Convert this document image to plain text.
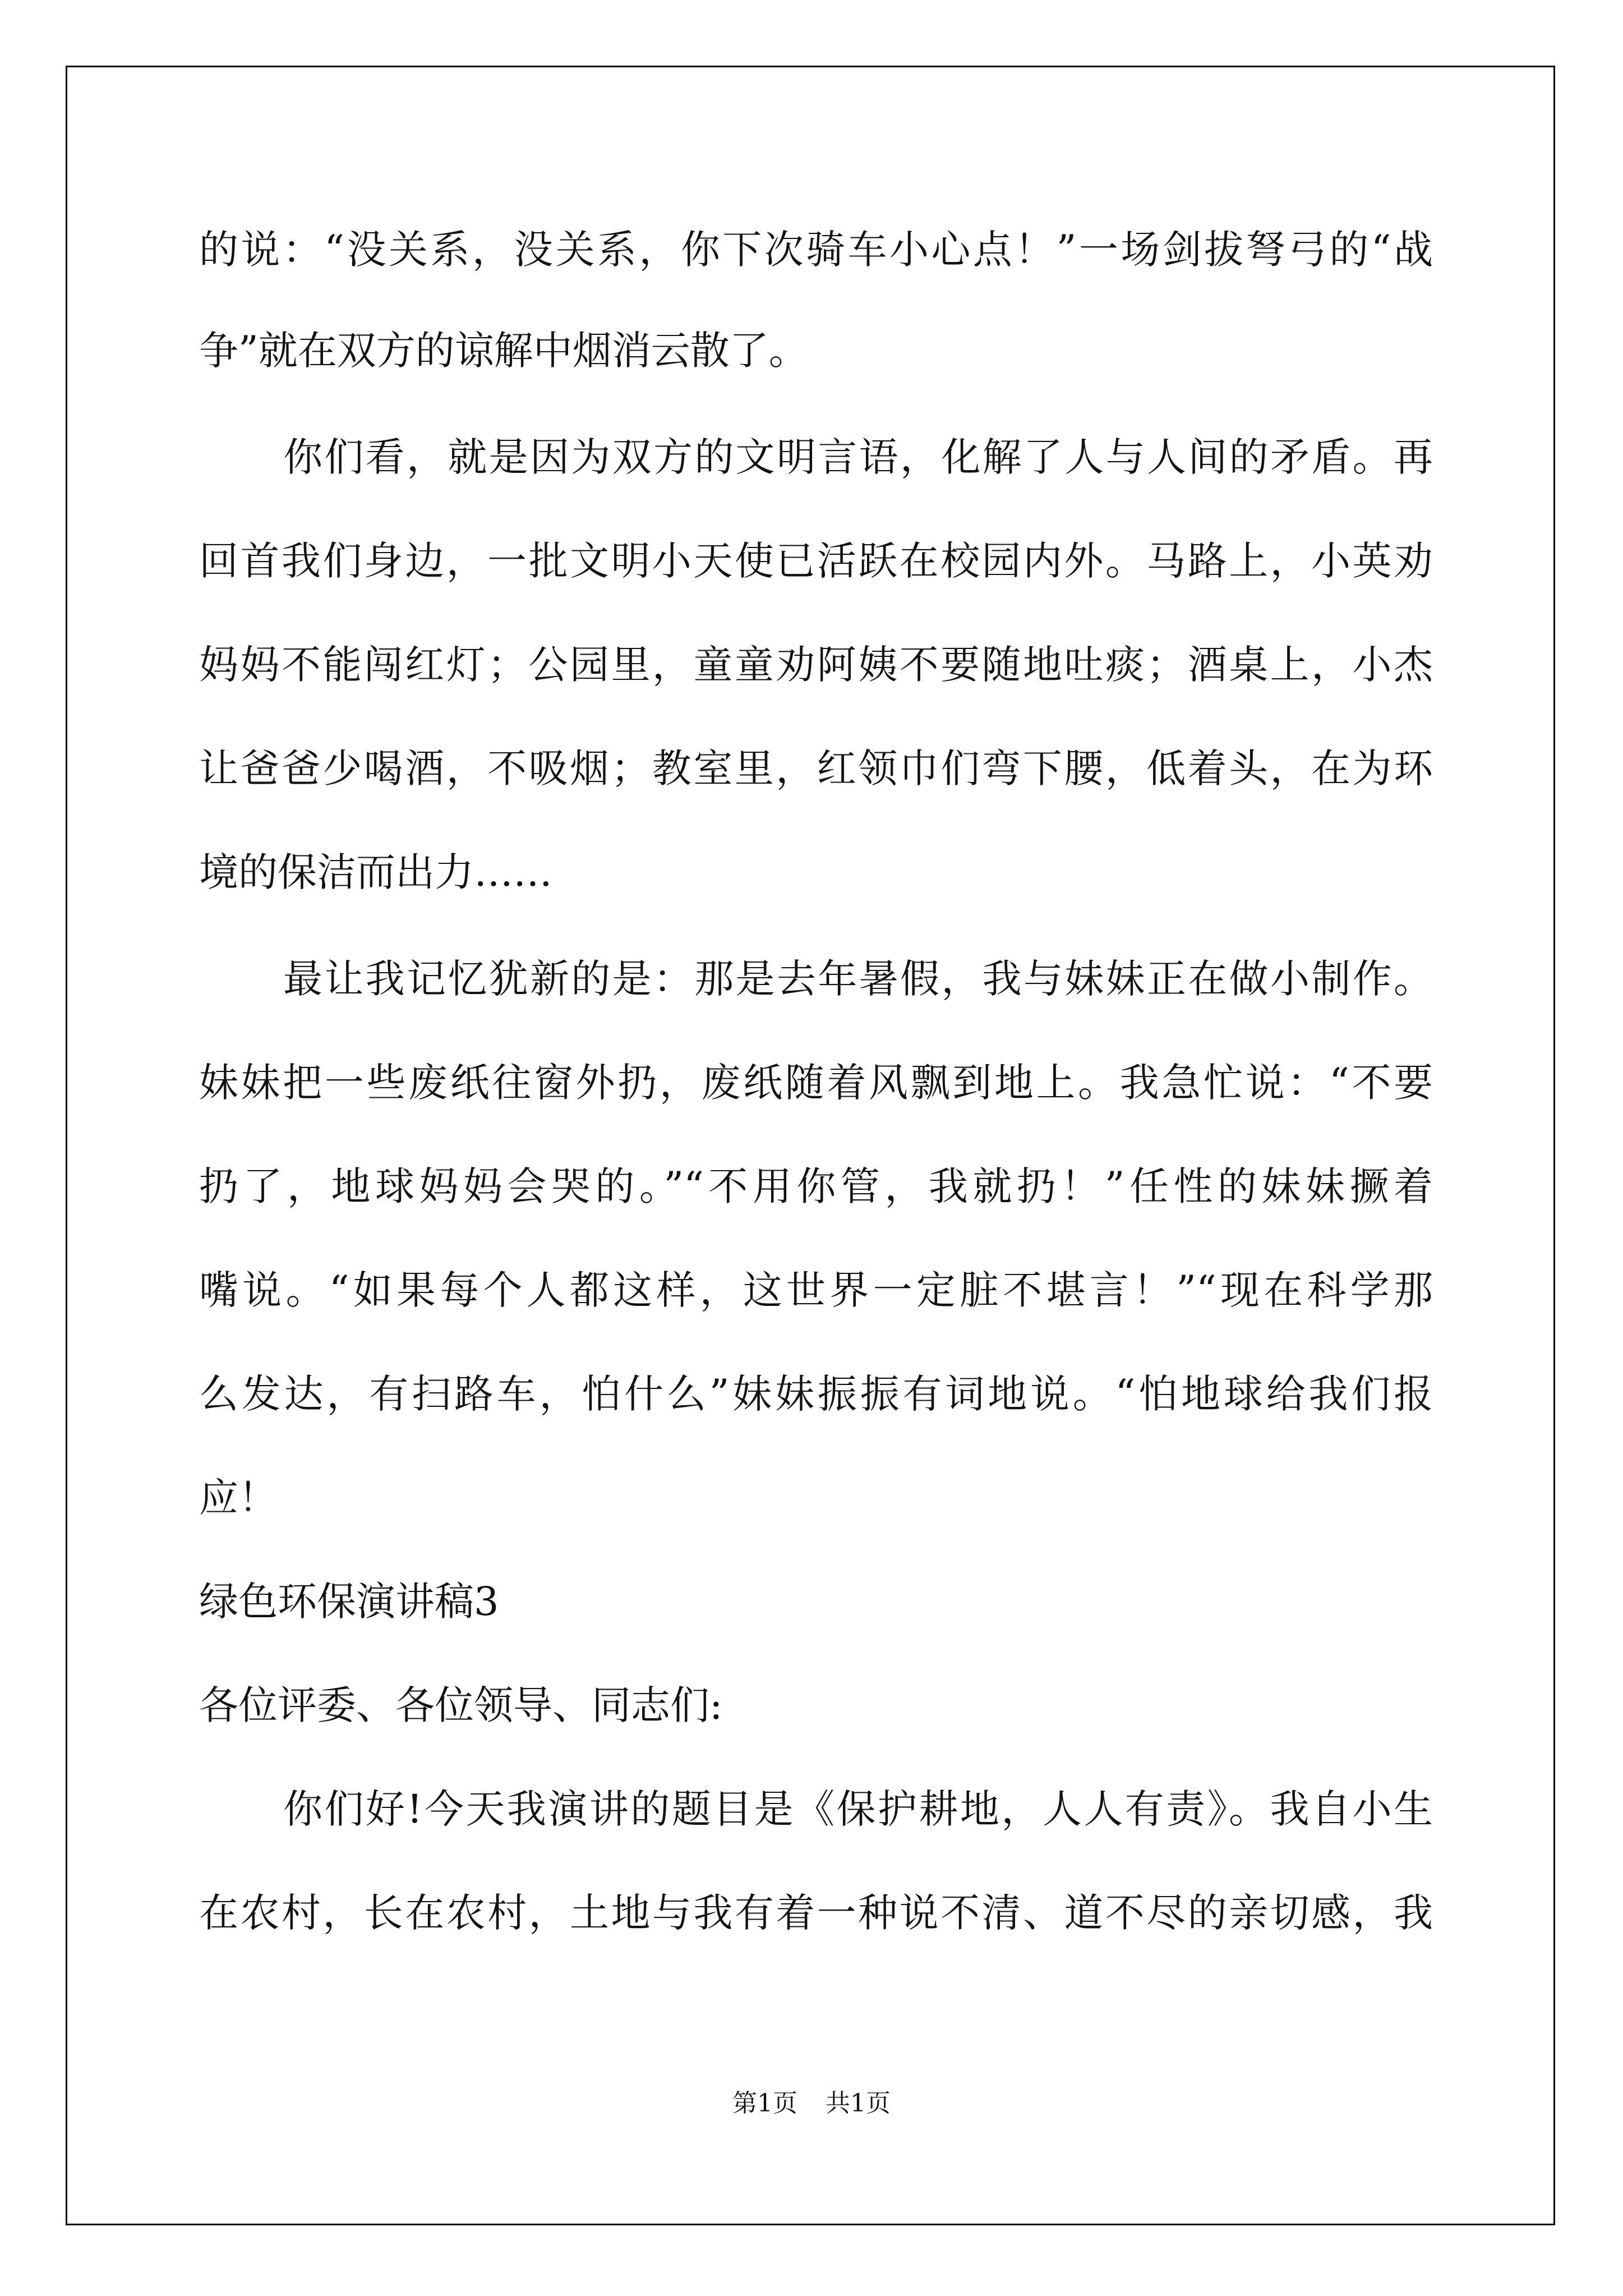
的说：“没关系，没关系，你下次骑车小心点！”一场剑拔弩弓的“战
争”就在双方的谅解中烟消云散了。
你们看，就是因为双方的文明言语，化解了人与人间的矛盾。再
回首我们身边，一批文明小天使已活跃在校园内外。马路上，小英劝
妈妈不能闯红灯；公园里，童童劝阿姨不要随地吐痰；酒桌上，小杰
让爸爸少喝酒，不吸烟；教室里，红领巾们弯下腰，低着头，在为环
境的保洁而出力……
最让我记忆犹新的是：那是去年暑假，我与妹妹正在做小制作。
妹妹把一些废纸往窗外扔，废纸随着风飘到地上。我急忙说：“不要
扔了，地球妈妈会哭的。”“不用你管，我就扔！”任性的妹妹撅着
嘴说。“如果每个人都这样，这世界一定脏不堪言！”“现在科学那
么发达，有扫路车，怕什么”妹妹振振有词地说。“怕地球给我们报
应！
绿色环保演讲稿3
各位评委、各位领导、同志们:
你们好!今天我演讲的题目是《保护耕地，人人有责》。我自小生
在农村，长在农村，土地与我有着一种说不清、道不尽的亲切感，我
第1页 共1页
